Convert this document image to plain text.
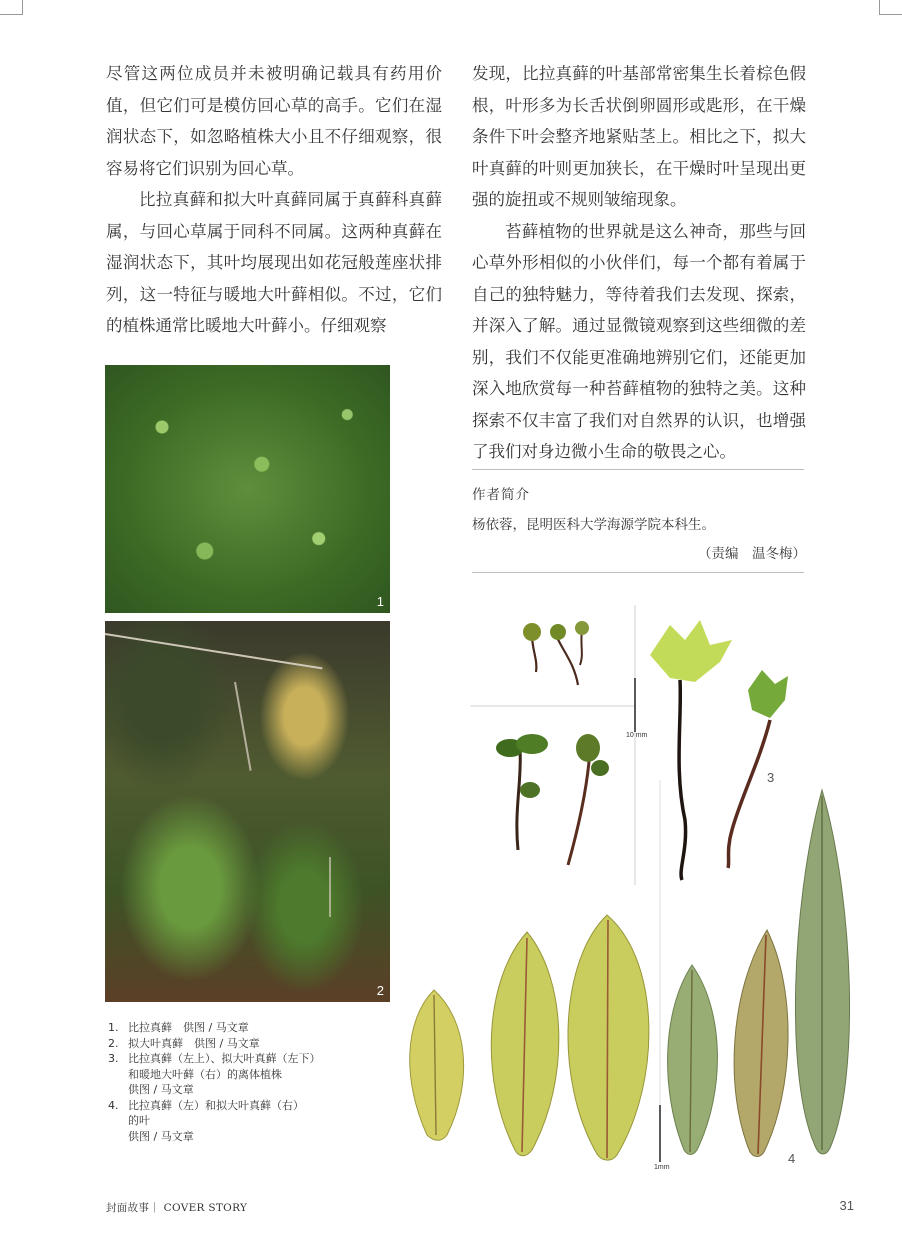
尽管这两位成员并未被明确记载具有药用价值，但它们可是模仿回心草的高手。它们在湿润状态下，如忽略植株大小且不仔细观察，很容易将它们识别为回心草。

比拉真藓和拟大叶真藓同属于真藓科真藓属，与回心草属于同科不同属。这两种真藓在湿润状态下，其叶均展现出如花冠般莲座状排列，这一特征与暖地大叶藓相似。不过，它们的植株通常比暖地大叶藓小。仔细观察

发现，比拉真藓的叶基部常密集生长着棕色假根，叶形多为长舌状倒卵圆形或匙形，在干燥条件下叶会整齐地紧贴茎上。相比之下，拟大叶真藓的叶则更加狭长，在干燥时叶呈现出更强的旋扭或不规则皱缩现象。

苔藓植物的世界就是这么神奇，那些与回心草外形相似的小伙伴们，每一个都有着属于自己的独特魅力，等待着我们去发现、探索，并深入了解。通过显微镜观察到这些细微的差别，我们不仅能更准确地辨别它们，还能更加深入地欣赏每一种苔藓植物的独特之美。这种探索不仅丰富了我们对自然界的认识，也增强了我们对身边微小生命的敬畏之心。

作者简介
杨依蓉，昆明医科大学海源学院本科生。
（责编　温冬梅）
1
2
1. 比拉真藓　供图 / 马文章
2. 拟大叶真藓　供图 / 马文章
3. 比拉真藓（左上）、拟大叶真藓（左下）
和暖地大叶藓（右）的离体植株
供图 / 马文章
4. 比拉真藓（左）和拟大叶真藓（右）
的叶
供图 / 马文章
10 mm
3
1mm
4
封面故事｜ COVER STORY	31
